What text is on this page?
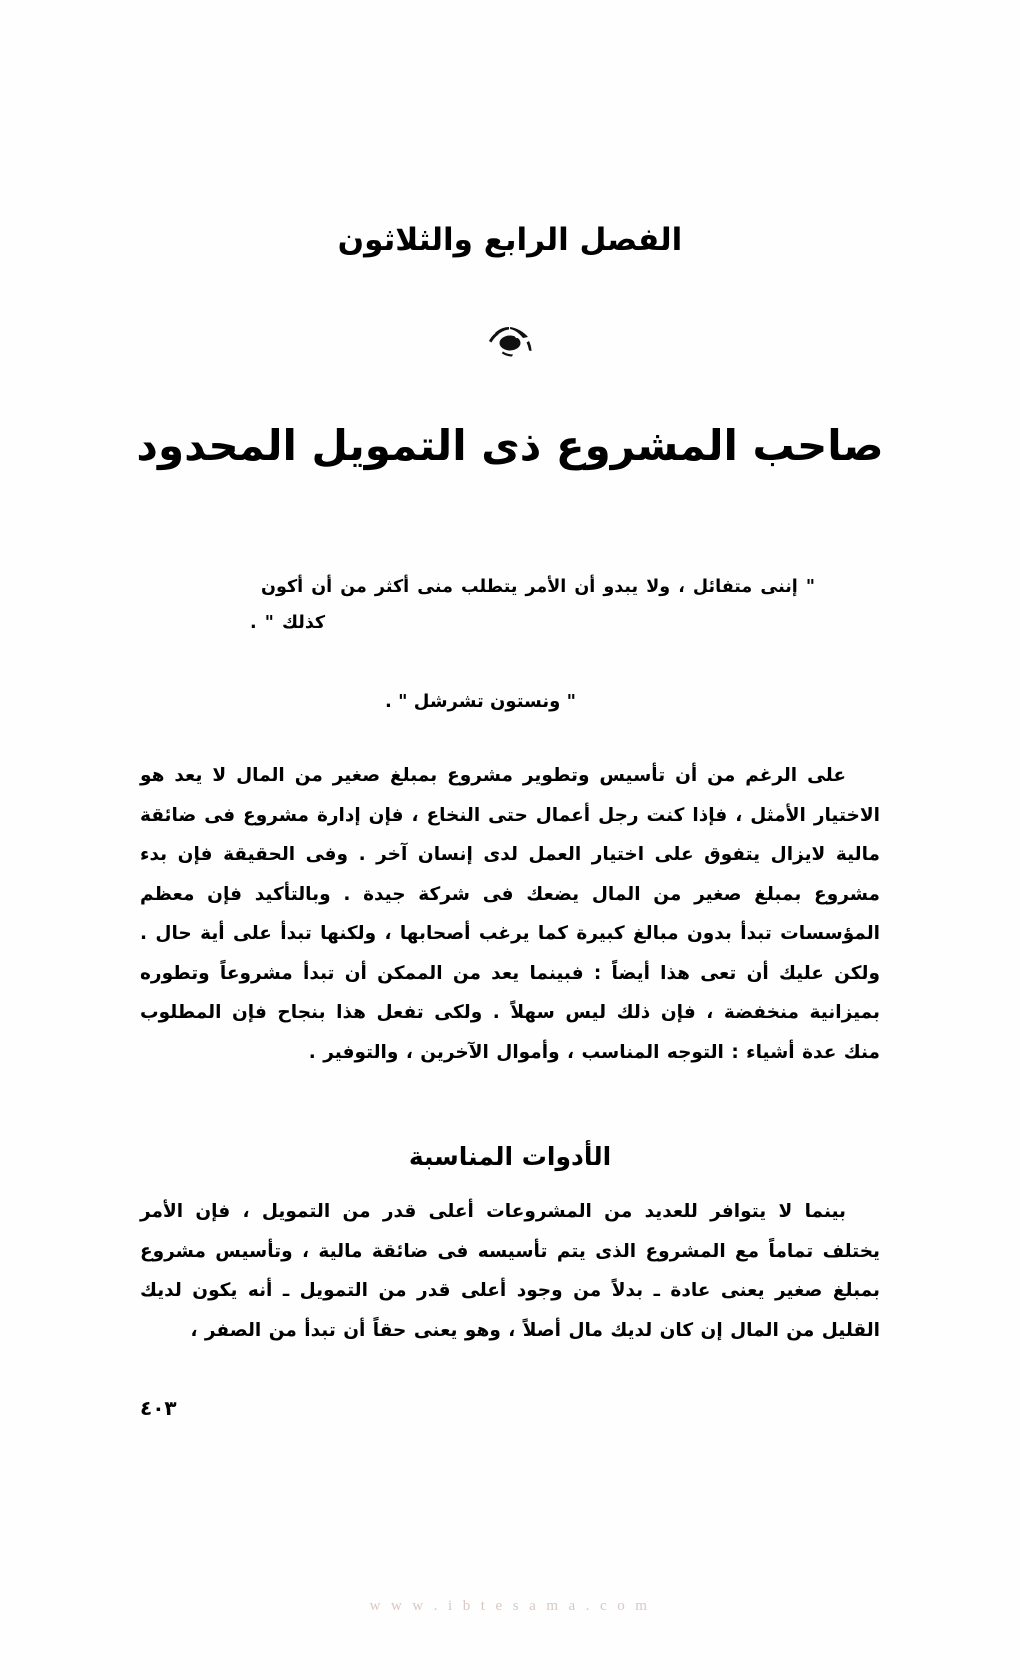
الفصل الرابع والثلاثون
صاحب المشروع ذى التمويل المحدود
" إننى متفائل ، ولا يبدو أن الأمر يتطلب منى أكثر من أن أكون
كذلك " .
" ونستون تشرشل " .

على الرغم من أن تأسيس وتطوير مشروع بمبلغ صغير من المال لا يعد هو الاختيار الأمثل ، فإذا كنت رجل أعمال حتى النخاع ، فإن إدارة مشروع فى ضائقة مالية لايزال يتفوق على اختيار العمل لدى إنسان آخر . وفى الحقيقة فإن بدء مشروع بمبلغ صغير من المال يضعك فى شركة جيدة . وبالتأكيد فإن معظم المؤسسات تبدأ بدون مبالغ كبيرة كما يرغب أصحابها ، ولكنها تبدأ على أية حال . ولكن عليك أن تعى هذا أيضاً : فبينما يعد من الممكن أن تبدأ مشروعاً وتطوره بميزانية منخفضة ، فإن ذلك ليس سهلاً . ولكى تفعل هذا بنجاح فإن المطلوب منك عدة أشياء : التوجه المناسب ، وأموال الآخرين ، والتوفير .

الأدوات المناسبة

بينما لا يتوافر للعديد من المشروعات أعلى قدر من التمويل ، فإن الأمر يختلف تماماً مع المشروع الذى يتم تأسيسه فى ضائقة مالية ، وتأسيس مشروع بمبلغ صغير يعنى عادة ـ بدلاً من وجود أعلى قدر من التمويل ـ أنه يكون لديك القليل من المال إن كان لديك مال أصلاً ، وهو يعنى حقاً أن تبدأ من الصفر ،

٤٠٣
w w w . i b t e s a m a . c o m
